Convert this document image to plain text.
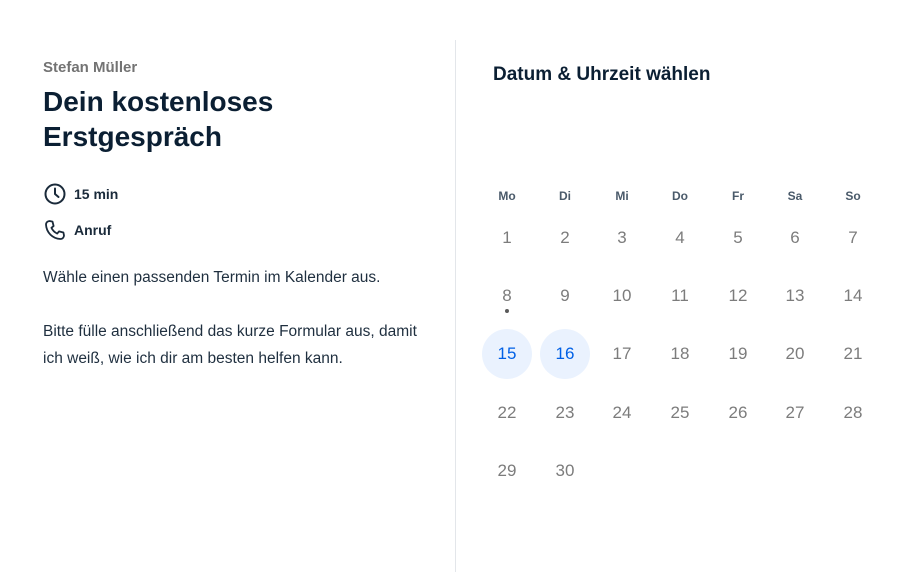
Stefan Müller

Dein kostenloses Erstgespräch
15 min
Anruf

Wähle einen passenden Termin im Kalender aus.

Bitte fülle anschließend das kurze Formular aus, damit ich weiß, wie ich dir am besten helfen kann.

Datum & Uhrzeit wählen
Mo	Di	Mi	Do	Fr	Sa	So
1	2	3	4	5	6	7
8	9	10	11	12	13	14
15	16	17	18	19	20	21
22	23	24	25	26	27	28
29	30
